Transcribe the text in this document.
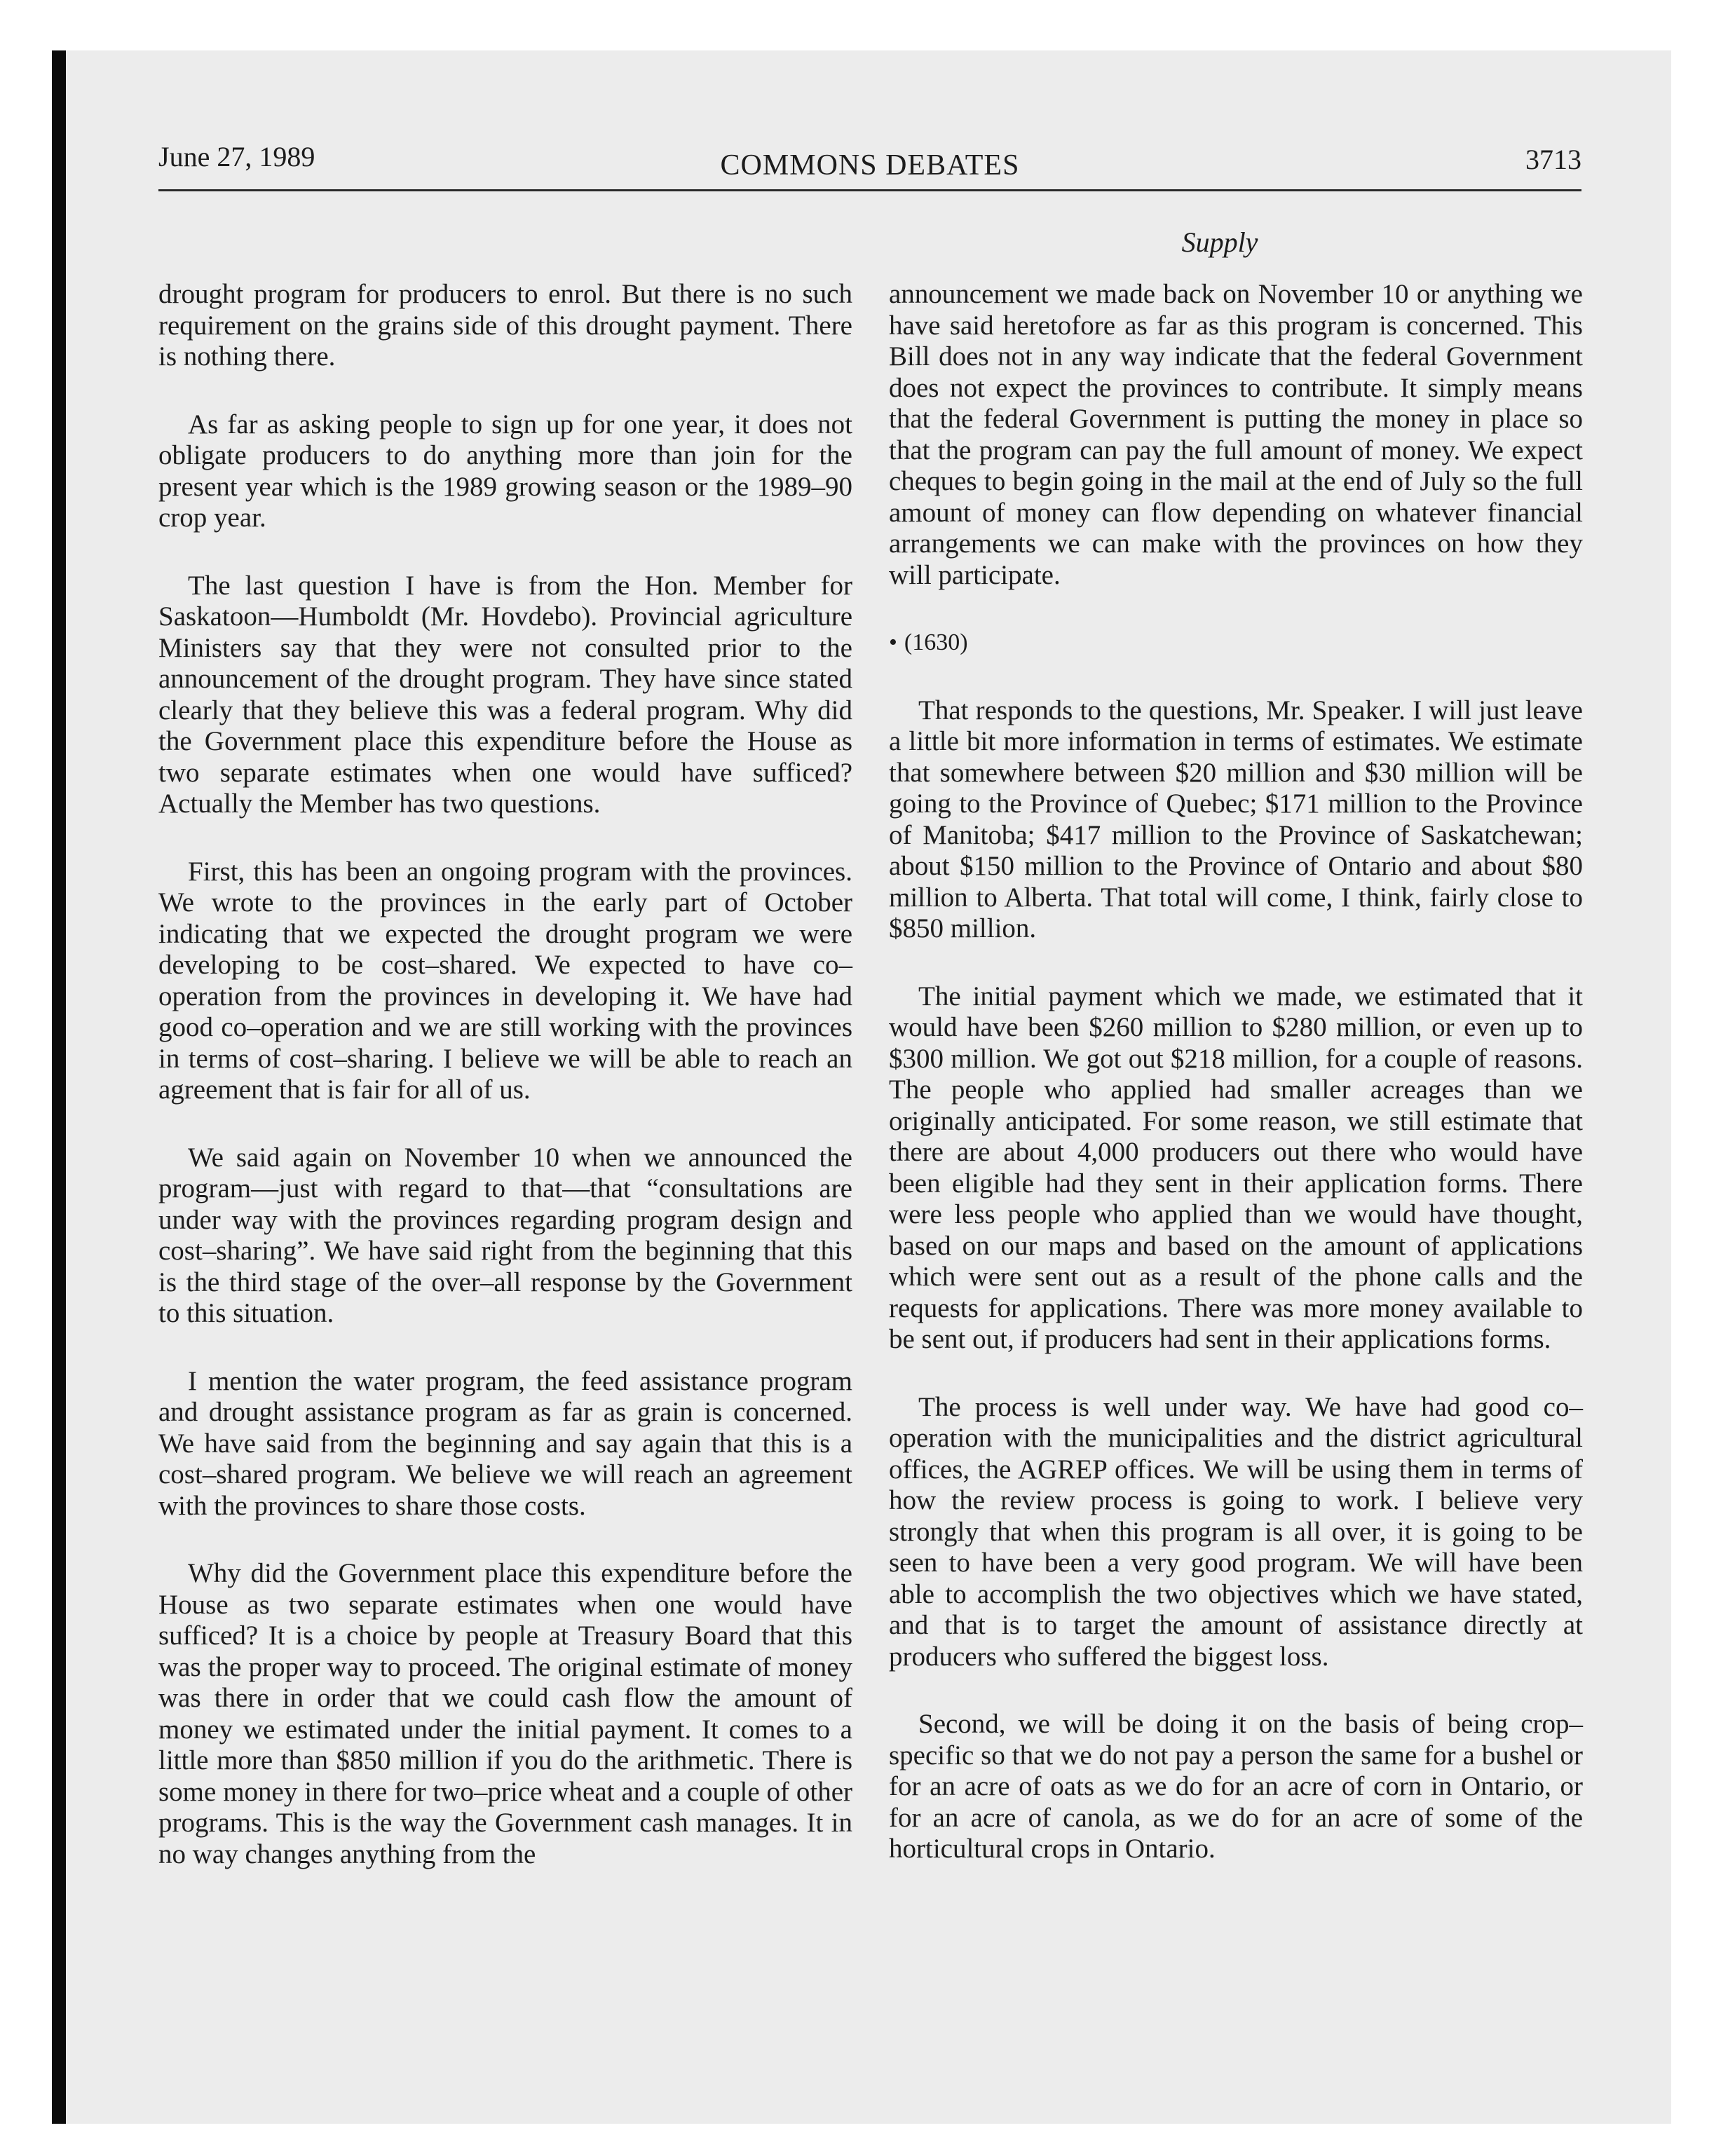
June 27, 1989	COMMONS DEBATES	3713
Supply

drought program for producers to enrol. But there is no such requirement on the grains side of this drought payment. There is nothing there.

As far as asking people to sign up for one year, it does not obligate producers to do anything more than join for the present year which is the 1989 growing season or the 1989–90 crop year.

The last question I have is from the Hon. Member for Saskatoon—Humboldt (Mr. Hovdebo). Provincial agriculture Ministers say that they were not consulted prior to the announcement of the drought program. They have since stated clearly that they believe this was a federal program. Why did the Government place this expenditure before the House as two separate estimates when one would have sufficed? Actually the Member has two questions.

First, this has been an ongoing program with the provinces. We wrote to the provinces in the early part of October indicating that we expected the drought program we were developing to be cost–shared. We expected to have co–operation from the provinces in developing it. We have had good co–operation and we are still working with the provinces in terms of cost–sharing. I believe we will be able to reach an agreement that is fair for all of us.

We said again on November 10 when we announced the program—just with regard to that—that “consultations are under way with the provinces regarding program design and cost–sharing”. We have said right from the beginning that this is the third stage of the over–all response by the Government to this situation.

I mention the water program, the feed assistance program and drought assistance program as far as grain is concerned. We have said from the beginning and say again that this is a cost–shared program. We believe we will reach an agreement with the provinces to share those costs.

Why did the Government place this expenditure before the House as two separate estimates when one would have sufficed? It is a choice by people at Treasury Board that this was the proper way to proceed. The original estimate of money was there in order that we could cash flow the amount of money we estimated under the initial payment. It comes to a little more than $850 million if you do the arithmetic. There is some money in there for two–price wheat and a couple of other programs. This is the way the Government cash manages. It in no way changes anything from the

announcement we made back on November 10 or anything we have said heretofore as far as this program is concerned. This Bill does not in any way indicate that the federal Government does not expect the provinces to contribute. It simply means that the federal Government is putting the money in place so that the program can pay the full amount of money. We expect cheques to begin going in the mail at the end of July so the full amount of money can flow depending on whatever financial arrangements we can make with the provinces on how they will participate.

• (1630)

That responds to the questions, Mr. Speaker. I will just leave a little bit more information in terms of estimates. We estimate that somewhere between $20 million and $30 million will be going to the Province of Quebec; $171 million to the Province of Manitoba; $417 million to the Province of Saskatchewan; about $150 million to the Province of Ontario and about $80 million to Alberta. That total will come, I think, fairly close to $850 million.

The initial payment which we made, we estimated that it would have been $260 million to $280 million, or even up to $300 million. We got out $218 million, for a couple of reasons. The people who applied had smaller acreages than we originally anticipated. For some reason, we still estimate that there are about 4,000 producers out there who would have been eligible had they sent in their application forms. There were less people who applied than we would have thought, based on our maps and based on the amount of applications which were sent out as a result of the phone calls and the requests for applications. There was more money available to be sent out, if producers had sent in their applications forms.

The process is well under way. We have had good co–operation with the municipalities and the district agricultural offices, the AGREP offices. We will be using them in terms of how the review process is going to work. I believe very strongly that when this program is all over, it is going to be seen to have been a very good program. We will have been able to accomplish the two objectives which we have stated, and that is to target the amount of assistance directly at producers who suffered the biggest loss.

Second, we will be doing it on the basis of being crop–specific so that we do not pay a person the same for a bushel or for an acre of oats as we do for an acre of corn in Ontario, or for an acre of canola, as we do for an acre of some of the horticultural crops in Ontario.
